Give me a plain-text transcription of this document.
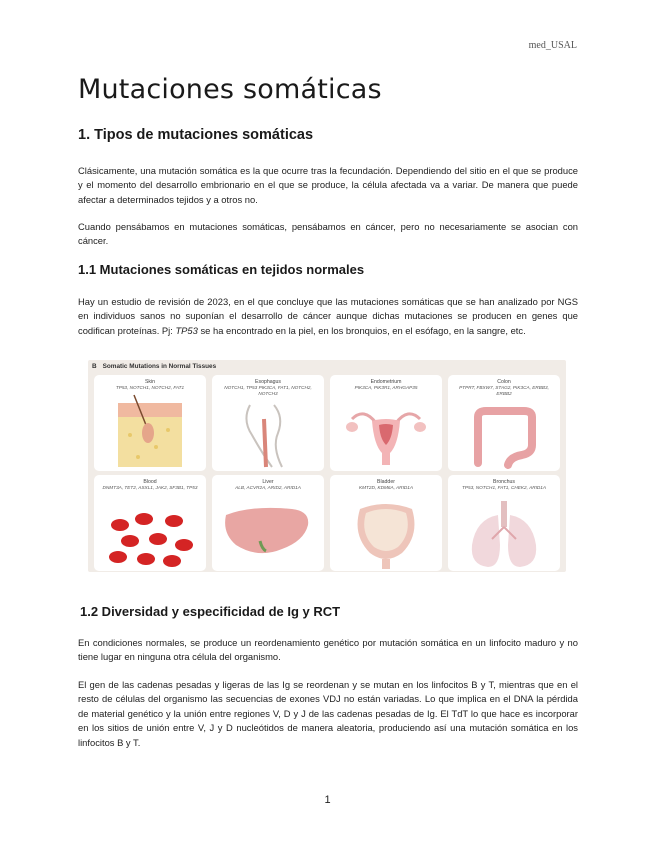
med_USAL
Mutaciones somáticas
1. Tipos de mutaciones somáticas

Clásicamente, una mutación somática es la que ocurre tras la fecundación. Dependiendo del sitio en el que se produce y el momento del desarrollo embrionario en el que se produce, la célula afectada va a variar. De manera que puede afectar a determinados tejidos y a otros no.

Cuando pensábamos en mutaciones somáticas, pensábamos en cáncer, pero no necesariamente se asocian con cáncer.

1.1 Mutaciones somáticas en tejidos normales

Hay un estudio de revisión de 2023, en el que concluye que las mutaciones somáticas que se han analizado por NGS en individuos sanos no suponían el desarrollo de cáncer aunque dichas mutaciones se producen en genes que codifican proteínas. Pj: TP53 se ha encontrado en la piel, en los bronquios, en el esófago, en la sangre, etc.

B Somatic Mutations in Normal Tissues
Skin
TP53, NOTCH1, NOTCH2, FAT1
Esophagus
NOTCH1, TP53 PIK3CA, FAT1, NOTCH2, NOTCH3
Endometrium
PIK3CA, PIK3R1, ARHGAP35
Colon
PTPRT, FBXW7, STAG2, PIK3CA, ERBB3, ERBB2
Blood
DNMT3A, TET2, ASXL1, JAK2, SF3B1, TP53
Liver
ALB, ACVR2A, ARID2, ARID1A
Bladder
KMT2D, KDM6A, ARID1A
Bronchus
TP53, NOTCH1, FAT1, CHEK2, ARID1A
1.2 Diversidad y especificidad de Ig y RCT

En condiciones normales, se produce un reordenamiento genético por mutación somática en un linfocito maduro y no tiene lugar en ninguna otra célula del organismo.

El gen de las cadenas pesadas y ligeras de las Ig se reordenan y se mutan en los linfocitos B y T, mientras que en el resto de células del organismo las secuencias de exones VDJ no están variadas. Lo que implica en el DNA la pérdida de material genético y la unión entre regiones V, D y J de las cadenas pesadas de Ig. El TdT lo que hace es incorporar en los sitios de unión entre V, J y D nucleótidos de manera aleatoria, produciendo así una mutación somática en los linfocitos B y T.

1
